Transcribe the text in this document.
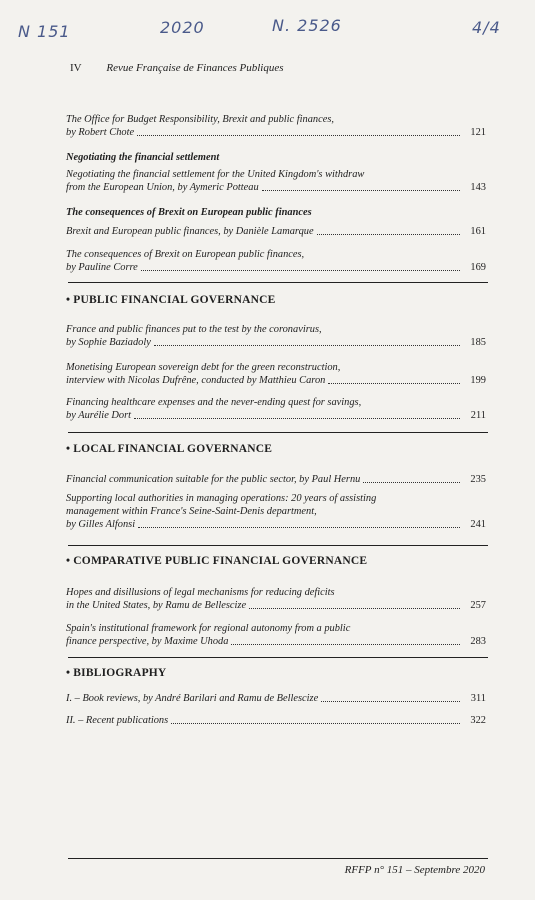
N 151	2020	N. 2526	4/4
IV Revue Française de Finances Publiques
The Office for Budget Responsibility, Brexit and public finances,
by Robert Chote	121
Negotiating the financial settlement
Negotiating the financial settlement for the United Kingdom's withdraw
from the European Union, by Aymeric Potteau	143
The consequences of Brexit on European public finances
Brexit and European public finances, by Danièle Lamarque	161
The consequences of Brexit on European public finances,
by Pauline Corre	169
• PUBLIC FINANCIAL GOVERNANCE
France and public finances put to the test by the coronavirus,
by Sophie Baziadoly	185
Monetising European sovereign debt for the green reconstruction,
interview with Nicolas Dufrêne, conducted by Matthieu Caron	199
Financing healthcare expenses and the never-ending quest for savings,
by Aurélie Dort	211
• LOCAL FINANCIAL GOVERNANCE
Financial communication suitable for the public sector, by Paul Hernu	235
Supporting local authorities in managing operations: 20 years of assisting
management within France's Seine-Saint-Denis department,
by Gilles Alfonsi	241
• COMPARATIVE PUBLIC FINANCIAL GOVERNANCE
Hopes and disillusions of legal mechanisms for reducing deficits
in the United States, by Ramu de Bellescize	257
Spain's institutional framework for regional autonomy from a public
finance perspective, by Maxime Uhoda	283
• BIBLIOGRAPHY
I. – Book reviews, by André Barilari and Ramu de Bellescize	311
II. – Recent publications	322
RFFP n° 151 – Septembre 2020
